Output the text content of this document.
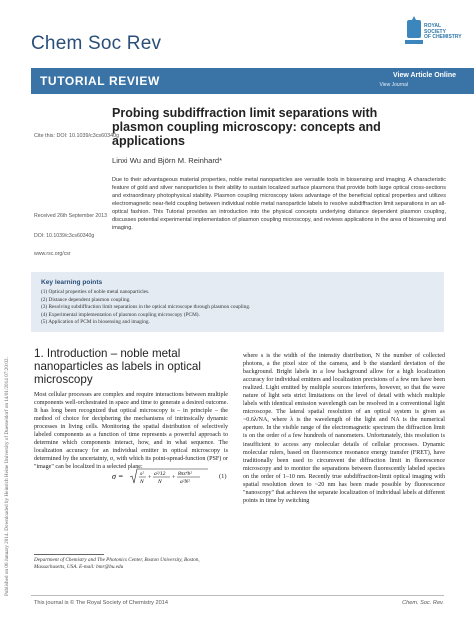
Chem Soc Rev
ROYAL SOCIETY
OF CHEMISTRY
TUTORIAL REVIEW	View Article Online
View Journal
Published on 06 January 2014. Downloaded by Heinrich Heine University of Duesseldorf on 14/01/2014 07:20:02.
Cite this: DOI: 10.1039/c3cs60340g
Received 26th September 2013
DOI: 10.1039/c3cs60340g
www.rsc.org/csr
Probing subdiffraction limit separations with plasmon coupling microscopy: concepts and applications
Linxi Wu and Björn M. Reinhard*
Due to their advantageous material properties, noble metal nanoparticles are versatile tools in biosensing and imaging. A characteristic feature of gold and silver nanoparticles is their ability to sustain localized surface plasmons that provide both large optical cross-sections and extraordinary photophysical stability. Plasmon coupling microscopy takes advantage of the beneficial optical properties and utilizes electromagnetic near-field coupling between individual noble metal nanoparticle labels to resolve subdiffraction limit separations in an all-optical fashion. This Tutorial provides an introduction into the physical concepts underlying distance dependent plasmon coupling, discusses potential experimental implementation of plasmon coupling microscopy, and reviews applications in the area of biosensing and imaging.
Key learning points
(1) Optical properties of noble metal nanoparticles.
(2) Distance dependent plasmon coupling.
(3) Resolving subdiffraction limit separations in the optical microscope through plasmon coupling.
(4) Experimental implementation of plasmon coupling microscopy (PCM).
(5) Application of PCM in biosensing and imaging.
1. Introduction – noble metal nanoparticles as labels in optical microscopy
Most cellular processes are complex and require interactions between multiple components well-orchestrated in space and time to generate a desired outcome. It has long been recognized that optical microscopy is – in principle – the method of choice for deciphering the mechanisms of intrinsically dynamic processes in living cells. Monitoring the spatial distribution of selectively labeled components as a function of time represents a powerful approach to determine which components interact, how, and in what sequence. The localization accuracy for an individual emitter in optical microscopy is determined by the uncertainty, σ, with which its point-spread-function (PSF) or "image" can be localized in a selected plane:
σ =	s²
N
+
a²/12
N
+
8πs⁴b²
a²N²
(1)
Department of Chemistry and The Photonics Center, Boston University, Boston, Massachusetts, USA. E-mail: bmr@bu.edu
where s is the width of the intensity distribution, N the number of collected photons, a the pixel size of the camera, and b the standard deviation of the background. Bright labels in a low background allow for a high localization accuracy for individual emitters and localization precisions of a few nm have been realized. Light emitted by multiple sources interferes, however, so that the wave nature of light sets strict limitations on the level of detail with which multiple labels with identical emission wavelength can be resolved in a conventional light microscope. The lateral spatial resolution of an optical system is given as ~0.6λ/NA, where λ is the wavelength of the light and NA is the numerical aperture. In the visible range of the electromagnetic spectrum the diffraction limit is on the order of a few hundreds of nanometers. Unfortunately, this resolution is insufficient to access any molecular details of cellular processes. Dynamic molecular rulers, based on fluorescence resonance energy transfer (FRET), have traditionally been used to circumvent the diffraction limit in fluorescence microscopy and to monitor the separations between fluorescently labeled species on the order of 1–10 nm. Recently true subdiffraction-limit optical imaging with spatial resolution down to ~20 nm has been made possible by fluorescence "nanoscopy" that achieves the separate localization of individual labels at different points in time by switching
This journal is © The Royal Society of Chemistry 2014	Chem. Soc. Rev.
